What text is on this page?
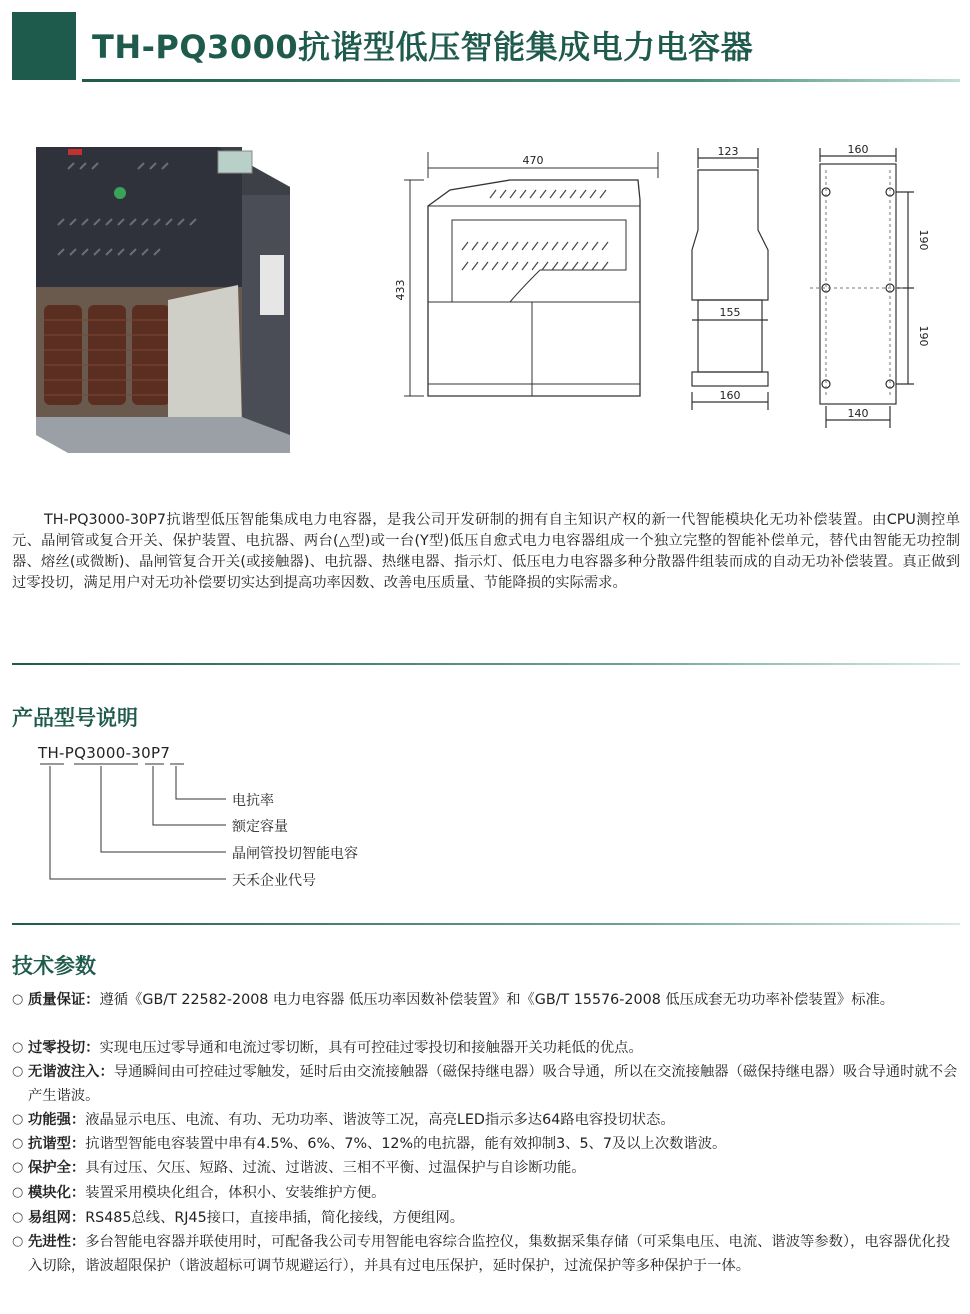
TH-PQ3000抗谐型低压智能集成电力电容器
470
433
123
155
160
160
140
190
190
TH-PQ3000-30P7抗谐型低压智能集成电力电容器，是我公司开发研制的拥有自主知识产权的新一代智能模块化无功补偿装置。由CPU测控单元、晶闸管或复合开关、保护装置、电抗器、两台(△型)或一台(Y型)低压自愈式电力电容器组成一个独立完整的智能补偿单元，替代由智能无功控制器、熔丝(或微断)、晶闸管复合开关(或接触器)、电抗器、热继电器、指示灯、低压电力电容器多种分散器件组装而成的自动无功补偿装置。真正做到过零投切，满足用户对无功补偿要切实达到提高功率因数、改善电压质量、节能降损的实际需求。
产品型号说明
TH-PQ3000-30P7
电抗率
额定容量
晶闸管投切智能电容
天禾企业代号
技术参数
○ 质量保证：遵循《GB/T 22582-2008 电力电容器 低压功率因数补偿装置》和《GB/T 15576-2008 低压成套无功功率补偿装置》标准。
○ 过零投切：实现电压过零导通和电流过零切断，具有可控硅过零投切和接触器开关功耗低的优点。
○ 无谐波注入：导通瞬间由可控硅过零触发，延时后由交流接触器（磁保持继电器）吸合导通，所以在交流接触器（磁保持继电器）吸合导通时就不会产生谐波。
○ 功能强：液晶显示电压、电流、有功、无功功率、谐波等工况，高亮LED指示多达64路电容投切状态。
○ 抗谐型：抗谐型智能电容装置中串有4.5%、6%、7%、12%的电抗器，能有效抑制3、5、7及以上次数谐波。
○ 保护全：具有过压、欠压、短路、过流、过谐波、三相不平衡、过温保护与自诊断功能。
○ 模块化：装置采用模块化组合，体积小、安装维护方便。
○ 易组网：RS485总线、RJ45接口，直接串插，简化接线，方便组网。
○ 先进性：多台智能电容器并联使用时，可配备我公司专用智能电容综合监控仪，集数据采集存储（可采集电压、电流、谐波等参数），电容器优化投入切除，谐波超限保护（谐波超标可调节规避运行），并具有过电压保护，延时保护，过流保护等多种保护于一体。
